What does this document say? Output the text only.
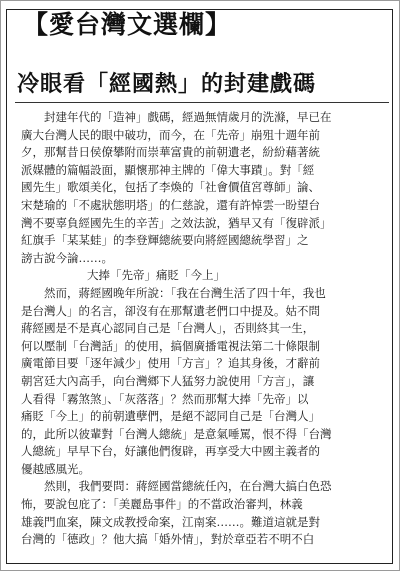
【愛台灣文選欄】
冷眼看「經國熱」的封建戲碼
　　封建年代的「造神」戲碼，經過無情歲月的洗滌，早已在
廣大台灣人民的眼中破功，而今，在「先帝」崩殂十週年前
夕，那幫昔日侯僚攀附而崇華富貴的前朝遺老，紛紛藉著統
派媒體的篇幅設面，顯懷那神主牌的「偉大事蹟」。對「經
國先生」歌頌美化，包括了李煥的「社會價值宮尊師」論、
宋楚瑜的「不處狀態明塔」的仁慈說，還有許悼雲一盼望台
灣不要辜負經國先生的辛苦」之效法說，猶早又有「復辟派」
紅旗手「某某蛙」的李登輝總統要向將經國總統學習」之
謗古說今論……。
大捧「先帝」痛貶「今上」
　　然而，蔣經國晚年所說：「我在台灣生活了四十年，我也
是台灣人」的名言，卻沒有在那幫遺老們口中提及。姑不問
蔣經國是不是真心認同自己是「台灣人」，否則終其一生，
何以壓制「台灣話」的使用，搞個廣播電視法第二十條限制
廣電節目要「逐年減少」使用「方言」？追其身後，才辭前
朝宮廷大內高手，向台灣鄉下人猛努力說使用「方言」，讓
人看得「霧煞煞」、「灰落落」？然而那幫大捧「先帝」以
痛貶「今上」的前朝遺孽們，是絕不認同自己是「台灣人」
的，此所以彼輩對「台灣人總統」是意氣唾罵，恨不得「台灣
人總統」早早下台，好讓他們復辟，再享受大中國主義者的
優越感風光。
　　然則，我們要問：蔣經國當總統任內，在台灣大搞白色恐
怖，要說包庇了：「美麗島事件」的不當政治審判，林義
雄義門血案，陳文成教授命案，江南案……。難道這就是對
台灣的「德政」？他大搞「婚外情」，對於章亞若不明不白
